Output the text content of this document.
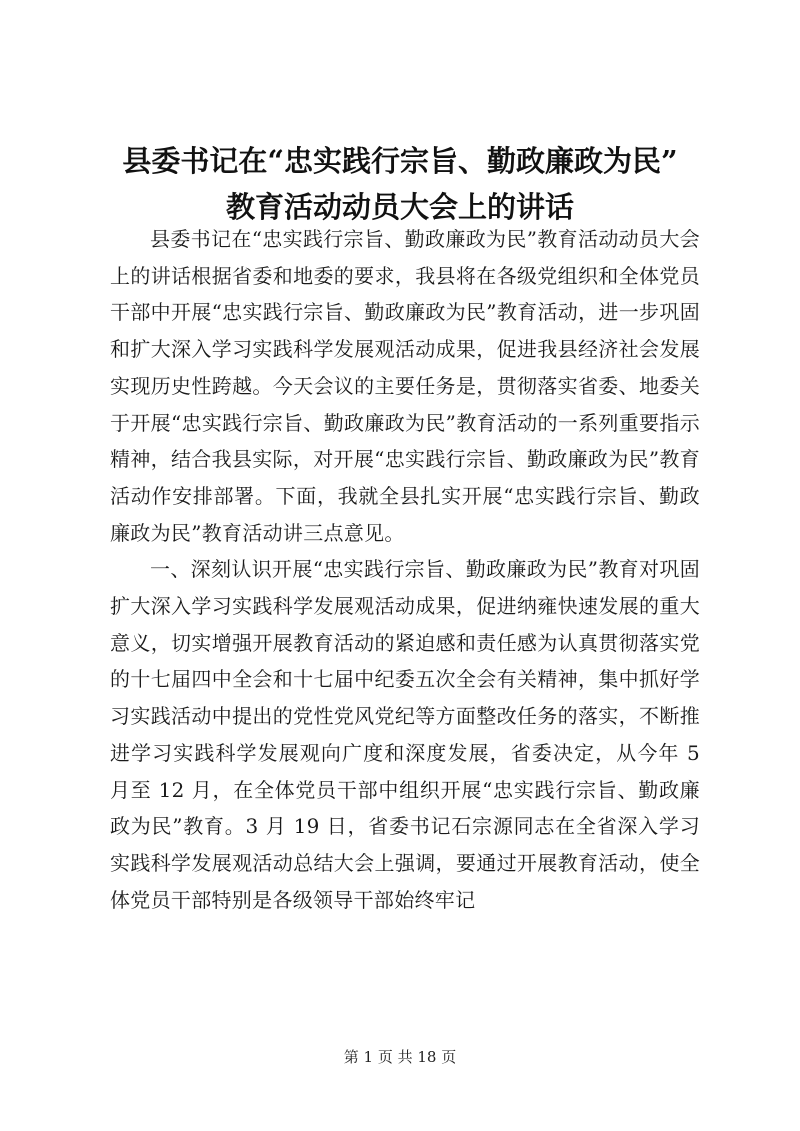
县委书记在“忠实践行宗旨、勤政廉政为民”
教育活动动员大会上的讲话

县委书记在“忠实践行宗旨、勤政廉政为民”教育活动动员大会上的讲话根据省委和地委的要求，我县将在各级党组织和全体党员干部中开展“忠实践行宗旨、勤政廉政为民”教育活动，进一步巩固和扩大深入学习实践科学发展观活动成果，促进我县经济社会发展实现历史性跨越。今天会议的主要任务是，贯彻落实省委、地委关于开展“忠实践行宗旨、勤政廉政为民”教育活动的一系列重要指示精神，结合我县实际，对开展“忠实践行宗旨、勤政廉政为民”教育活动作安排部署。下面，我就全县扎实开展“忠实践行宗旨、勤政廉政为民”教育活动讲三点意见。

一、深刻认识开展“忠实践行宗旨、勤政廉政为民”教育对巩固扩大深入学习实践科学发展观活动成果，促进纳雍快速发展的重大意义，切实增强开展教育活动的紧迫感和责任感为认真贯彻落实党的十七届四中全会和十七届中纪委五次全会有关精神，集中抓好学习实践活动中提出的党性党风党纪等方面整改任务的落实，不断推进学习实践科学发展观向广度和深度发展，省委决定，从今年 5 月至 12 月，在全体党员干部中组织开展“忠实践行宗旨、勤政廉政为民”教育。3 月 19 日，省委书记石宗源同志在全省深入学习实践科学发展观活动总结大会上强调，要通过开展教育活动，使全体党员干部特别是各级领导干部始终牢记

第 1 页 共 18 页
